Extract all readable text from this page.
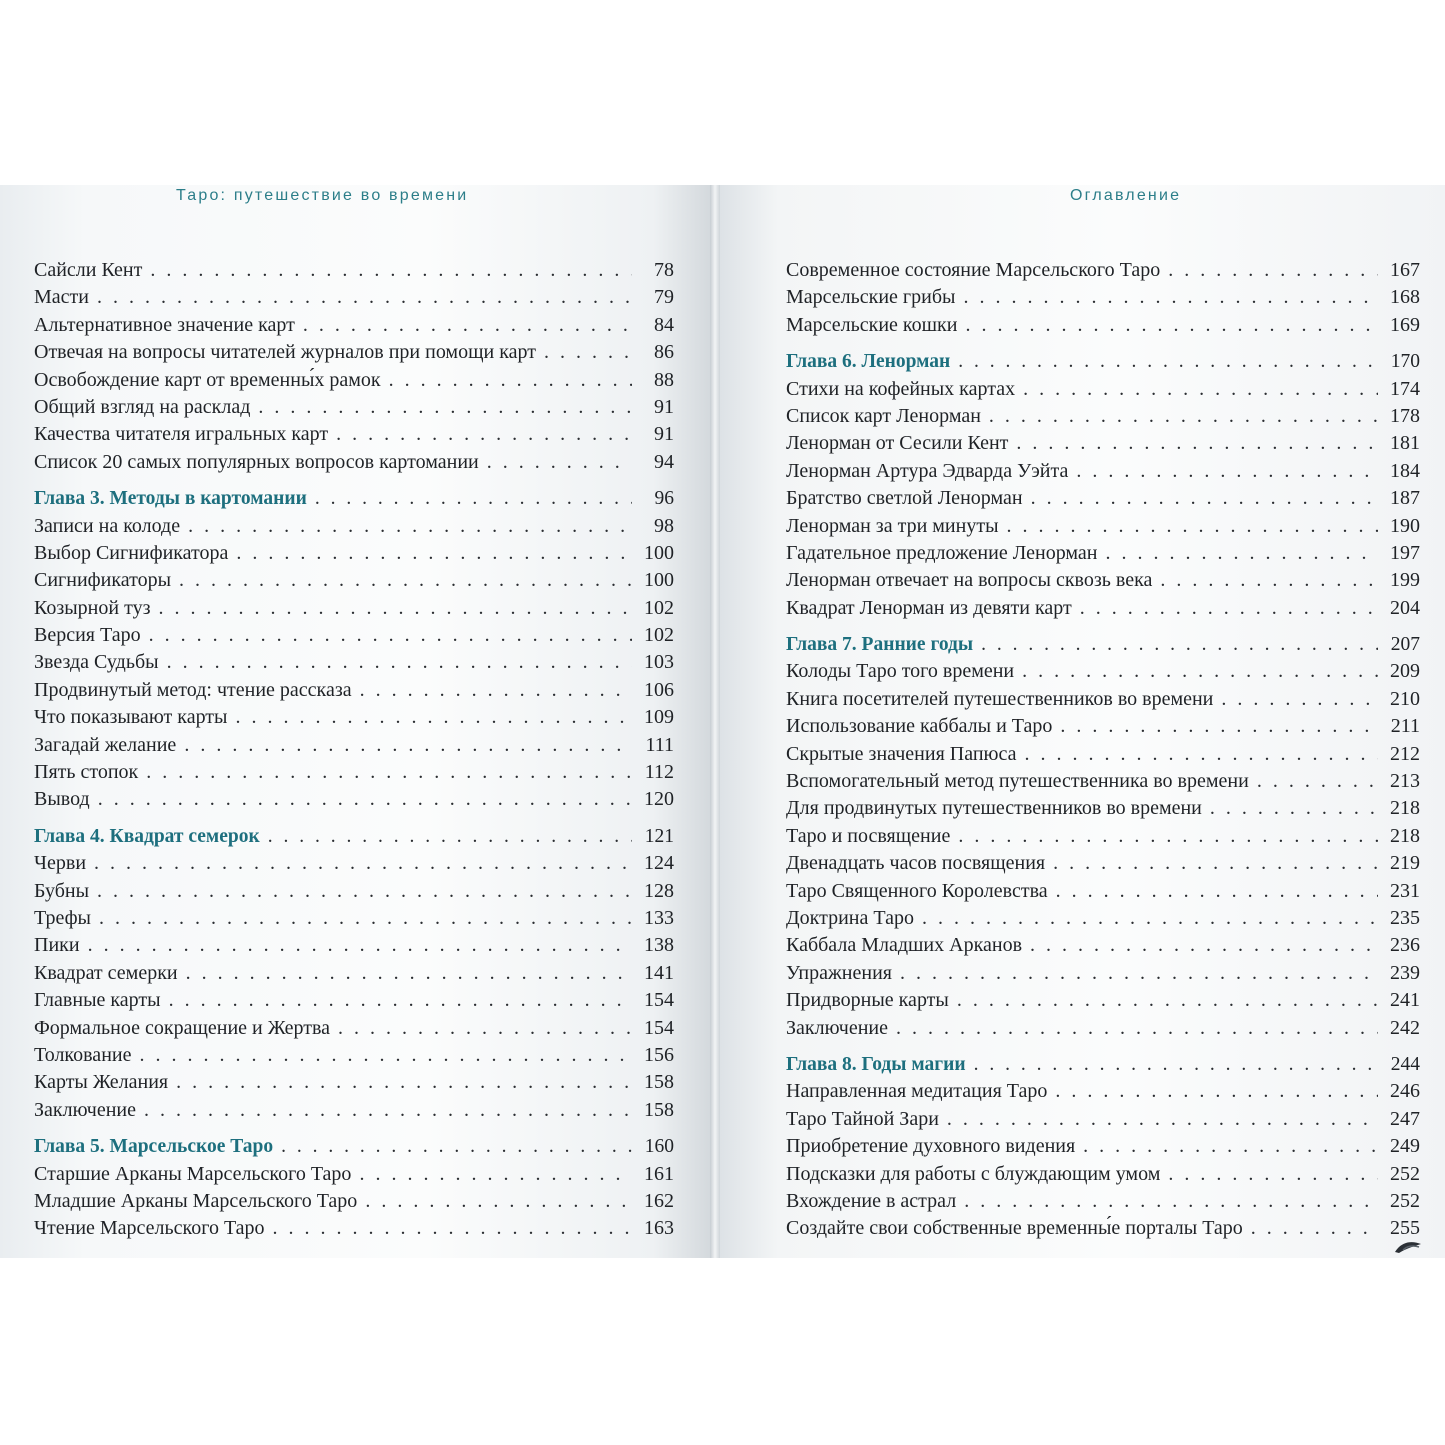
Таро: путешествие во времени
Сайсли Кент . . .	78
Масти . . .	79
Альтернативное значение карт . . .	84
Отвечая на вопросы читателей журналов при помощи карт . . .	86
Освобождение карт от временны́х рамок . . .	88
Общий взгляд на расклад . . .	91
Качества читателя игральных карт . . .	91
Список 20 самых популярных вопросов картомании . . .	94
Глава 3. Методы в картомании . . .	96
Записи на колоде . . .	98
Выбор Сигнификатора . . .	100
Сигнификаторы . . .	100
Козырной туз . . .	102
Версия Таро . . .	102
Звезда Судьбы . . .	103
Продвинутый метод: чтение рассказа . . .	106
Что показывают карты . . .	109
Загадай желание . . .	111
Пять стопок . . .	112
Вывод . . .	120
Глава 4. Квадрат семерок . . .	121
Черви . . .	124
Бубны . . .	128
Трефы . . .	133
Пики . . .	138
Квадрат семерки . . .	141
Главные карты . . .	154
Формальное сокращение и Жертва . . .	154
Толкование . . .	156
Карты Желания . . .	158
Заключение . . .	158
Глава 5. Марсельское Таро . . .	160
Старшие Арканы Марсельского Таро . . .	161
Младшие Арканы Марсельского Таро . . .	162
Чтение Марсельского Таро . . .	163
Оглавление
Современное состояние Марсельского Таро . . .	167
Марсельские грибы . . .	168
Марсельские кошки . . .	169
Глава 6. Ленорман . . .	170
Стихи на кофейных картах . . .	174
Список карт Ленорман . . .	178
Ленорман от Сесили Кент . . .	181
Ленорман Артура Эдварда Уэйта . . .	184
Братство светлой Ленорман . . .	187
Ленорман за три минуты . . .	190
Гадательное предложение Ленорман . . .	197
Ленорман отвечает на вопросы сквозь века . . .	199
Квадрат Ленорман из девяти карт . . .	204
Глава 7. Ранние годы . . .	207
Колоды Таро того времени . . .	209
Книга посетителей путешественников во времени . . .	210
Использование каббалы и Таро . . .	211
Скрытые значения Папюса . . .	212
Вспомогательный метод путешественника во времени . . .	213
Для продвинутых путешественников во времени . . .	218
Таро и посвящение . . .	218
Двенадцать часов посвящения . . .	219
Таро Священного Королевства . . .	231
Доктрина Таро . . .	235
Каббала Младших Арканов . . .	236
Упражнения . . .	239
Придворные карты . . .	241
Заключение . . .	242
Глава 8. Годы магии . . .	244
Направленная медитация Таро . . .	246
Таро Тайной Зари . . .	247
Приобретение духовного видения . . .	249
Подсказки для работы с блуждающим умом . . .	252
Вхождение в астрал . . .	252
Создайте свои собственные временны́е порталы Таро . . .	255
